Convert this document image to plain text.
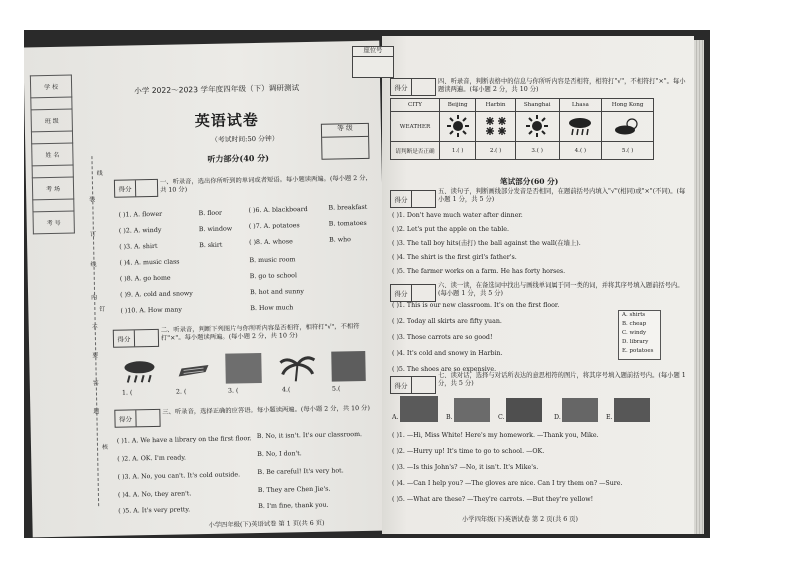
学 校

班 级

姓 名

考 场

考 号
装
订
线
内
不
要
答
题
线
钉
核
小学 2022～2023 学年度四年级（下）调研测试
英语试卷
（考试时间:50 分钟）
等 级
听力部分(40 分)
得分
一、听录音，选出你所听到的单词或者短语。每小题读两遍。(每小题 2 分，共 10 分)
( )1. A. flower	B. floor	( )6. A. blackboard	B. breakfast
( )2. A. windy	B. window	( )7. A. potatoes	B. tomatoes
( )3. A. shirt	B. skirt	( )8. A. whose	B. who
( )4. A. music class	B. music room
( )8. A. go home	B. go to school
( )9. A. cold and snowy	B. hot and sunny
( )10. A. How many	B. How much
得分
二、听录音，判断下列图片与你所听内容是否相符，相符打"√"，不相符打"×"。每小题读两遍。(每小题 2 分，共 10 分)
1. (	2. (	3. (	4.(	5.(
得分
三、听录音，选择正确的应答语。每小题读两遍。(每小题 2 分，共 10 分)
( )1. A. We have a library on the first floor. B. No, it isn't. It's our classroom.
( )2. A. OK. I'm ready.
B. No, I don't.
( )3. A. No, you can't. It's cold outside.	B. Be careful! It's very hot.
( )4. A. No, they aren't.
B. They are Chen Jie's.
( )5. A. It's very pretty.
B. I'm fine, thank you.
小学四年级(下)英语试卷 第 1 页(共 6 页)
座位号
得分
四、听录音，判断表格中的信息与你所听内容是否相符，相符打"√"，不相符打"×"。每小题读两遍。(每小题 2 分，共 10 分)
CITY	Beijing	Harbin	Shanghai	Lhasa	Hong Kong
WEATHER					
请判断是否正确	1.( )	2.( )	3.( )	4.( )	5.( )
笔试部分(60 分)
得分
五、读句子，判断画线部分发音是否相同，在题前括号内填入"√"(相同)或"×"(不同)。(每小题 1 分，共 5 分)
( )1. Don't have much water after dinner.
( )2. Let's put the apple on the table.
( )3. The tall boy hits(击打) the ball against the wall(在墙上).
( )4. The shirt is the first girl's father's.
( )5. The farmer works on a farm. He has forty horses.
得分
六、读一读，在备选词中找出与画线单词属于同一类的词，并将其序号填入题前括号内。(每小题 1 分，共 5 分)
( )1. This is our new classroom. It's on the first floor.
( )2. Today all skirts are fifty yuan.
( )3. Those carrots are so good!
( )4. It's cold and snowy in Harbin.
( )5. The shoes are so expensive.
A. shirts
B. cheap
C. windy
D. library
E. potatoes
得分
七、读对话，选择与对话所表达的意思相符的图片，将其序号填入题前括号内。(每小题 1 分，共 5 分)
A.	B.	C.	D.	E.
( )1. —Hi, Miss White! Here's my homework. —Thank you, Mike.
( )2. —Hurry up! It's time to go to school. —OK.
( )3. —Is this John's? —No, it isn't. It's Mike's.
( )4. —Can I help you? —The gloves are nice. Can I try them on? —Sure.
( )5. —What are these? —They're carrots. —But they're yellow!
小学四年级(下)英语试卷 第 2 页(共 6 页)
